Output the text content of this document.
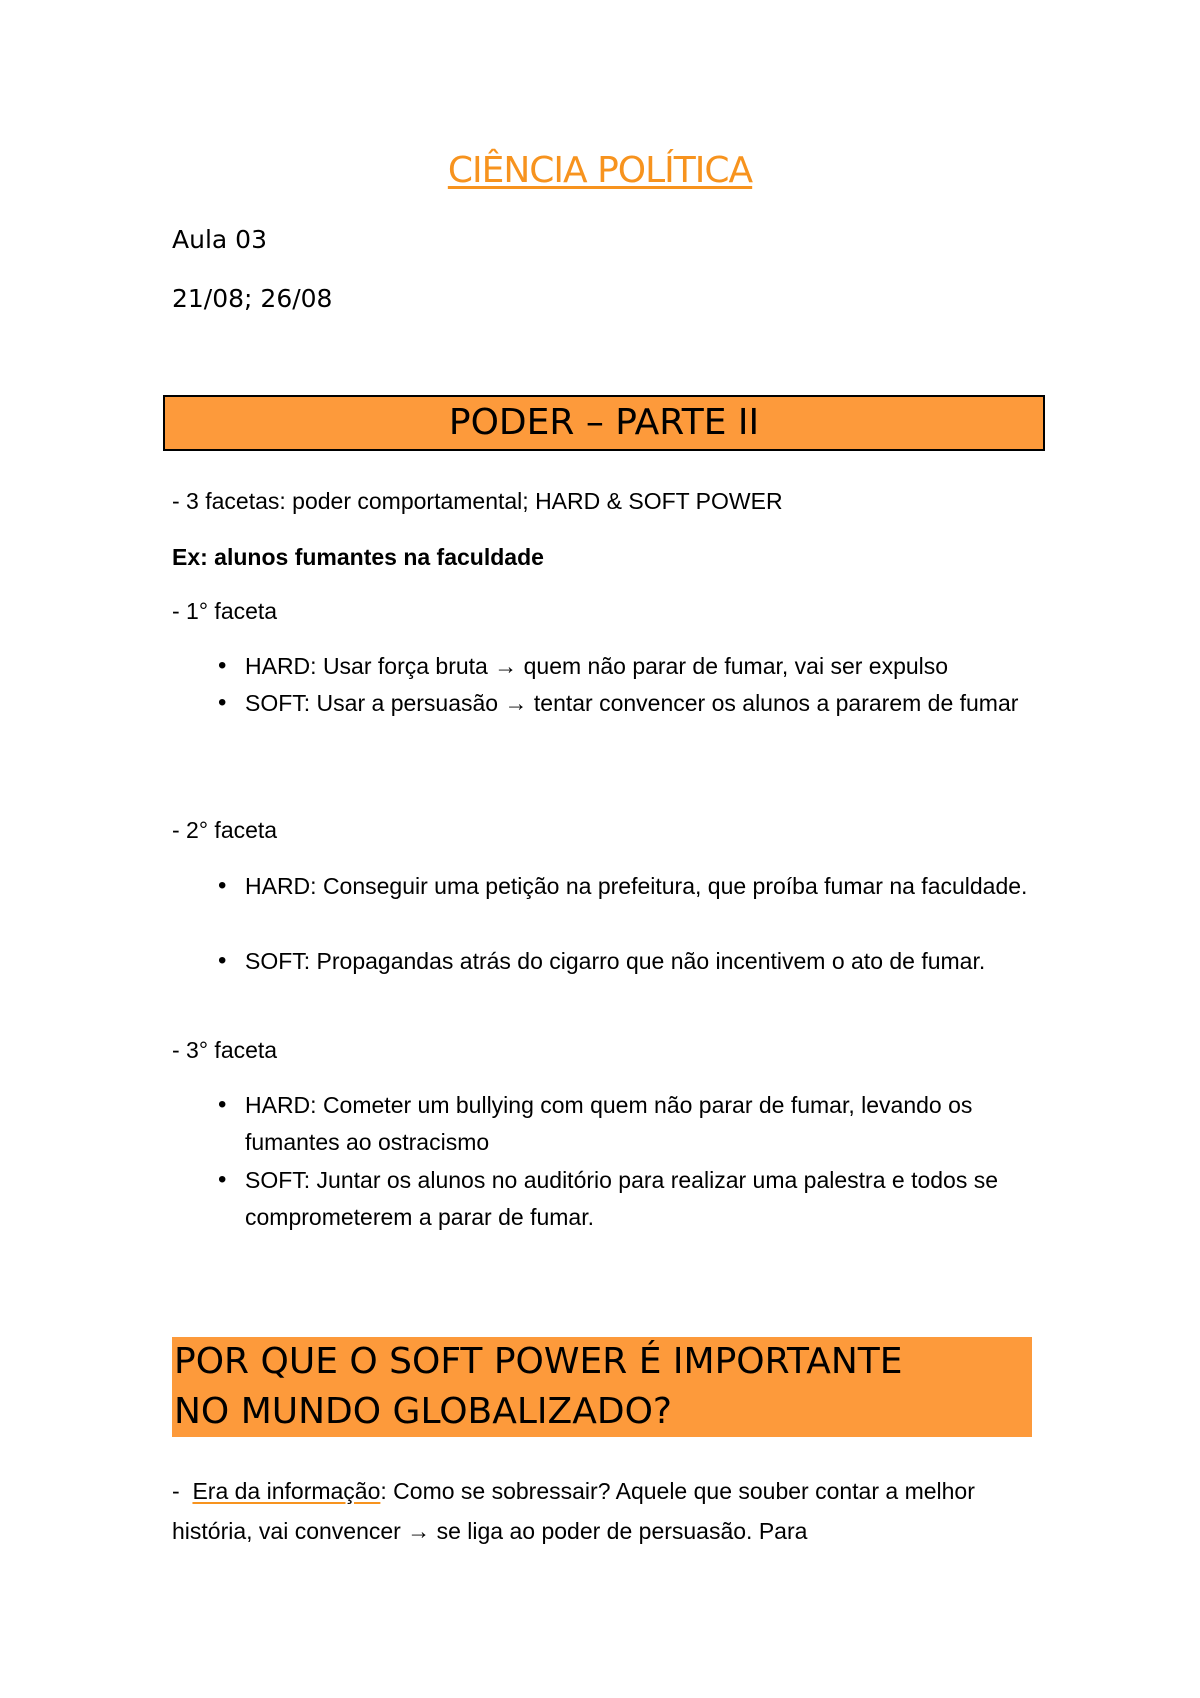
CIÊNCIA POLÍTICA
Aula 03
21/08; 26/08
PODER – PARTE II
- 3 facetas: poder comportamental; HARD & SOFT POWER
Ex: alunos fumantes na faculdade
- 1° faceta
• HARD: Usar força bruta → quem não parar de fumar, vai ser expulso
• SOFT: Usar a persuasão → tentar convencer os alunos a pararem de fumar
- 2° faceta
• HARD: Conseguir uma petição na prefeitura, que proíba fumar na faculdade.
• SOFT: Propagandas atrás do cigarro que não incentivem o ato de fumar.
- 3° faceta
• HARD: Cometer um bullying com quem não parar de fumar, levando os fumantes ao ostracismo
• SOFT: Juntar os alunos no auditório para realizar uma palestra e todos se comprometerem a parar de fumar.
POR QUE O SOFT POWER É IMPORTANTE
NO MUNDO GLOBALIZADO?
- Era da informação: Como se sobressair? Aquele que souber contar a melhor história, vai convencer → se liga ao poder de persuasão. Para
